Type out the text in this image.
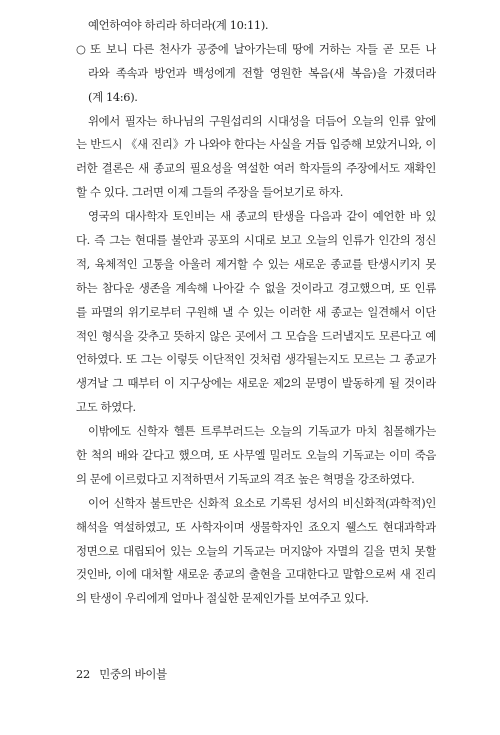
예언하여야 하리라 하더라(계 10:11).
○ 또 보니 다른 천사가 공중에 날아가는데 땅에 거하는 자들 곧 모든 나
라와 족속과 방언과 백성에게 전할 영원한 복음(새 복음)을 가졌더라
(계 14:6).
위에서 필자는 하나님의 구원섭리의 시대성을 더듬어 오늘의 인류 앞에
는 반드시 《새 진리》가 나와야 한다는 사실을 거듭 입증해 보았거니와, 이
러한 결론은 새 종교의 필요성을 역설한 여러 학자들의 주장에서도 재확인
할 수 있다. 그러면 이제 그들의 주장을 들어보기로 하자.
영국의 대사학자 토인비는 새 종교의 탄생을 다음과 같이 예언한 바 있
다. 즉 그는 현대를 불안과 공포의 시대로 보고 오늘의 인류가 인간의 정신
적, 육체적인 고통을 아울러 제거할 수 있는 새로운 종교를 탄생시키지 못
하는 참다운 생존을 계속해 나아갈 수 없을 것이라고 경고했으며, 또 인류
를 파멸의 위기로부터 구원해 낼 수 있는 이러한 새 종교는 일견해서 이단
적인 형식을 갖추고 뜻하지 않은 곳에서 그 모습을 드러낼지도 모른다고 예
언하였다. 또 그는 이렇듯 이단적인 것처럼 생각될는지도 모르는 그 종교가
생겨날 그 때부터 이 지구상에는 새로운 제2의 문명이 발동하게 될 것이라
고도 하였다.
이밖에도 신학자 헬튼 트루부러드는 오늘의 기독교가 마치 침몰해가는
한 척의 배와 같다고 했으며, 또 사무엘 밀러도 오늘의 기독교는 이미 죽음
의 문에 이르렀다고 지적하면서 기독교의 격조 높은 혁명을 강조하였다.
이어 신학자 불트만은 신화적 요소로 기록된 성서의 비신화적(과학적)인
해석을 역설하였고, 또 사학자이며 생물학자인 죠오지 웰스도 현대과학과
정면으로 대립되어 있는 오늘의 기독교는 머지않아 자멸의 길을 면치 못할
것인바, 이에 대처할 새로운 종교의 출현을 고대한다고 말함으로써 새 진리
의 탄생이 우리에게 얼마나 절실한 문제인가를 보여주고 있다.
22 민중의 바이블
